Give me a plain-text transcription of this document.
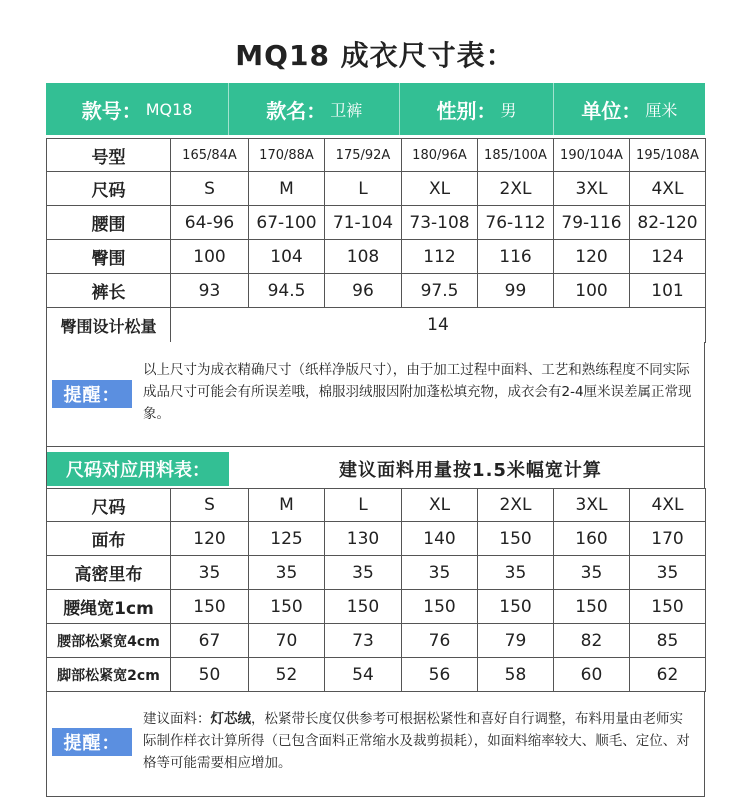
MQ18 成衣尺寸表：
款号： MQ18	款名： 卫裤	性别： 男	单位： 厘米
号型	165/84A	170/88A	175/92A	180/96A	185/100A	190/104A	195/108A
尺码	S	M	L	XL	2XL	3XL	4XL
腰围	64-96	67-100	71-104	73-108	76-112	79-116	82-120
臀围	100	104	108	112	116	120	124
裤长	93	94.5	96	97.5	99	100	101
臀围设计松量	14						
提醒：
以上尺寸为成衣精确尺寸（纸样净版尺寸），由于加工过程中面料、工艺和熟练程度不同实际成品尺寸可能会有所误差哦，棉服羽绒服因附加蓬松填充物，成衣会有2-4厘米误差属正常现象。
尺码对应用料表：	建议面料用量按1.5米幅宽计算
尺码	S	M	L	XL	2XL	3XL	4XL
面布	120	125	130	140	150	160	170
高密里布	35	35	35	35	35	35	35
腰绳宽1cm	150	150	150	150	150	150	150
腰部松紧宽4cm	67	70	73	76	79	82	85
脚部松紧宽2cm	50	52	54	56	58	60	62
提醒：
建议面料：灯芯绒，松紧带长度仅供参考可根据松紧性和喜好自行调整，布料用量由老师实际制作样衣计算所得（已包含面料正常缩水及裁剪损耗），如面料缩率较大、顺毛、定位、对格等可能需要相应增加。
